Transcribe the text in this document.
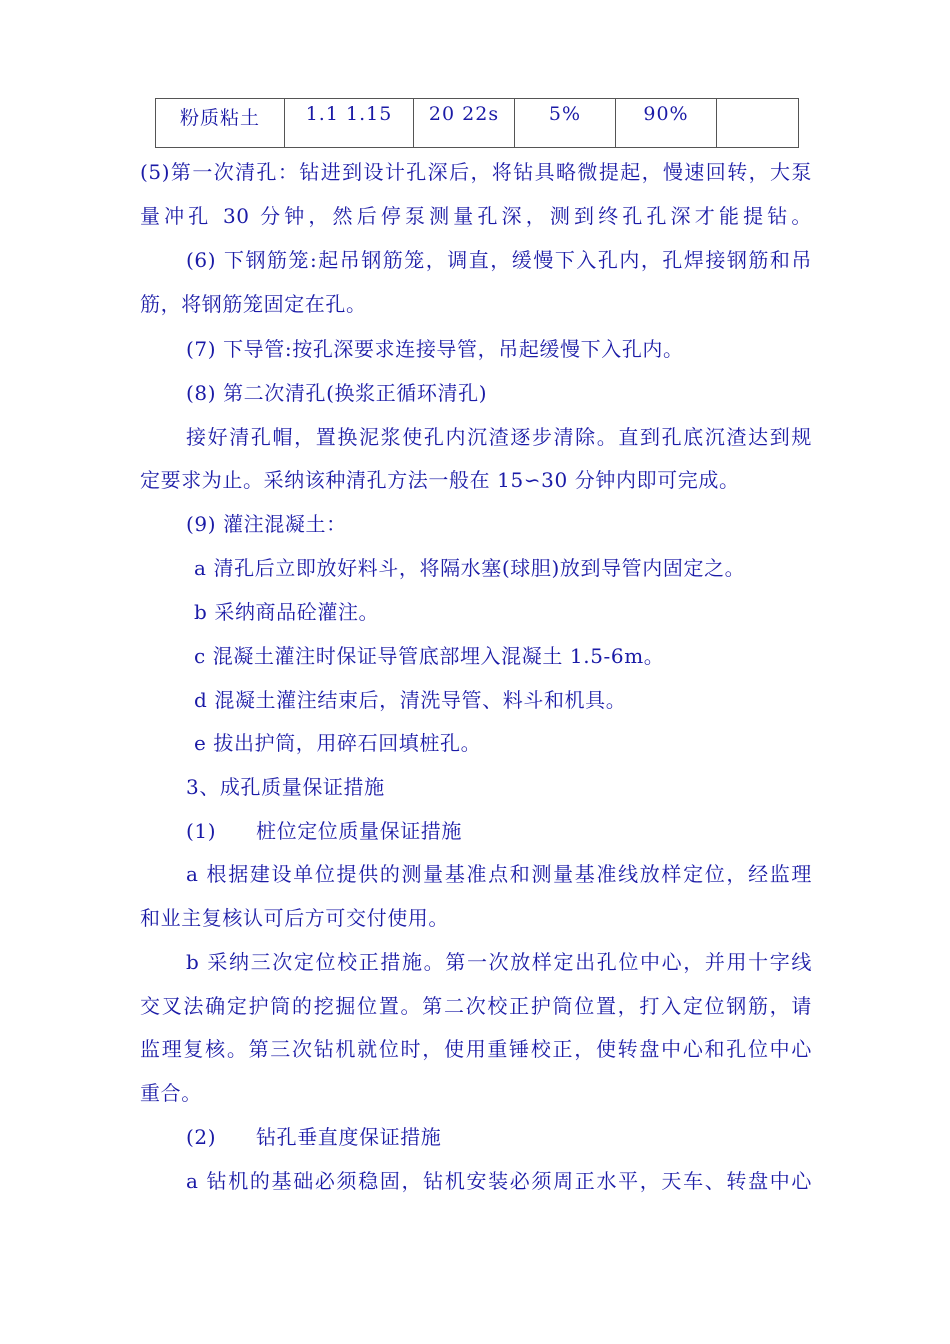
粉质粘土	1.1 1.15	20 22s	5%	90%	
(5)第一次清孔：钻进到设计孔深后，将钻具略微提起，慢速回转，大泵
量冲孔 30 分钟，然后停泵测量孔深，测到终孔孔深才能提钻。
(6) 下钢筋笼:起吊钢筋笼，调直，缓慢下入孔内，孔焊接钢筋和吊
筋，将钢筋笼固定在孔。
(7) 下导管:按孔深要求连接导管，吊起缓慢下入孔内。
(8) 第二次清孔(换浆正循环清孔)
接好清孔帽，置换泥浆使孔内沉渣逐步清除。直到孔底沉渣达到规
定要求为止。采纳该种清孔方法一般在 15∽30 分钟内即可完成。
(9) 灌注混凝土：
a 清孔后立即放好料斗，将隔水塞(球胆)放到导管内固定之。
b 采纳商品砼灌注。
c 混凝土灌注时保证导管底部埋入混凝土 1.5-6m。
d 混凝土灌注结束后，清洗导管、料斗和机具。
e 拔出护筒，用碎石回填桩孔。
3、成孔质量保证措施
(1) 桩位定位质量保证措施
a 根据建设单位提供的测量基准点和测量基准线放样定位，经监理
和业主复核认可后方可交付使用。
b 采纳三次定位校正措施。第一次放样定出孔位中心，并用十字线
交叉法确定护筒的挖掘位置。第二次校正护筒位置，打入定位钢筋，请
监理复核。第三次钻机就位时，使用重锤校正，使转盘中心和孔位中心
重合。
(2) 钻孔垂直度保证措施
a 钻机的基础必须稳固，钻机安装必须周正水平，天车、转盘中心
